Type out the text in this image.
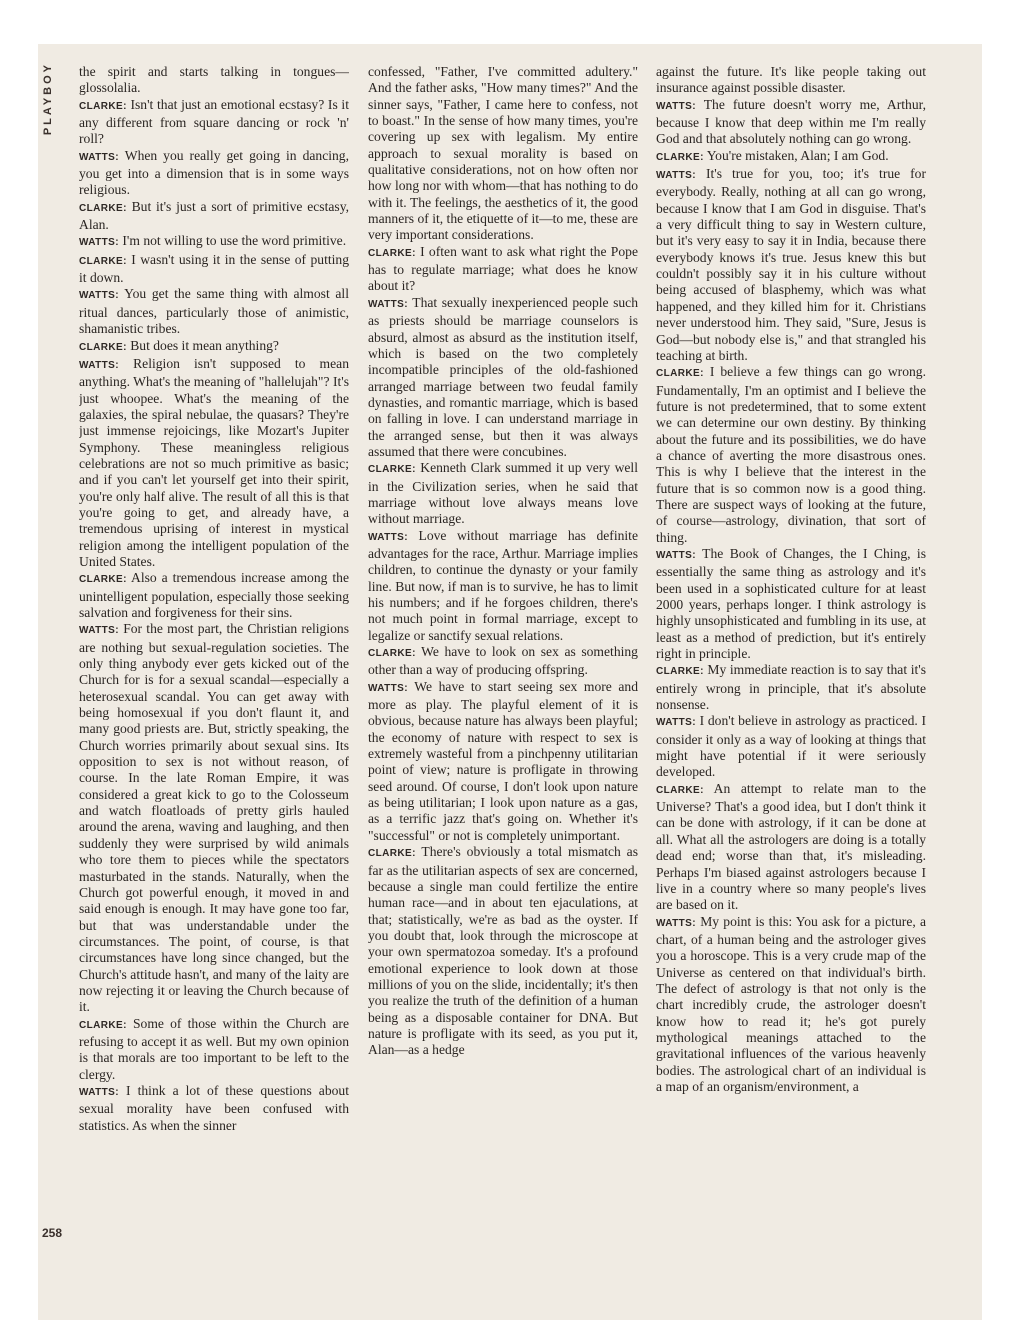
PLAYBOY
258

the spirit and starts talking in tongues—glossolalia.

CLARKE: Isn't that just an emotional ecstasy? Is it any different from square dancing or rock 'n' roll?

WATTS: When you really get going in dancing, you get into a dimension that is in some ways religious.

CLARKE: But it's just a sort of primitive ecstasy, Alan.

WATTS: I'm not willing to use the word primitive.

CLARKE: I wasn't using it in the sense of putting it down.

WATTS: You get the same thing with almost all ritual dances, particularly those of animistic, shamanistic tribes.

CLARKE: But does it mean anything?

WATTS: Religion isn't supposed to mean anything. What's the meaning of "hallelujah"? It's just whoopee. What's the meaning of the galaxies, the spiral nebulae, the quasars? They're just immense rejoicings, like Mozart's Jupiter Symphony. These meaningless religious celebrations are not so much primitive as basic; and if you can't let yourself get into their spirit, you're only half alive. The result of all this is that you're going to get, and already have, a tremendous uprising of interest in mystical religion among the intelligent population of the United States.

CLARKE: Also a tremendous increase among the unintelligent population, especially those seeking salvation and forgiveness for their sins.

WATTS: For the most part, the Christian religions are nothing but sexual-regulation societies. The only thing anybody ever gets kicked out of the Church for is for a sexual scandal—especially a heterosexual scandal. You can get away with being homosexual if you don't flaunt it, and many good priests are. But, strictly speaking, the Church worries primarily about sexual sins. Its opposition to sex is not without reason, of course. In the late Roman Empire, it was considered a great kick to go to the Colosseum and watch floatloads of pretty girls hauled around the arena, waving and laughing, and then suddenly they were surprised by wild animals who tore them to pieces while the spectators masturbated in the stands. Naturally, when the Church got powerful enough, it moved in and said enough is enough. It may have gone too far, but that was understandable under the circumstances. The point, of course, is that circumstances have long since changed, but the Church's attitude hasn't, and many of the laity are now rejecting it or leaving the Church because of it.

CLARKE: Some of those within the Church are refusing to accept it as well. But my own opinion is that morals are too important to be left to the clergy.

WATTS: I think a lot of these questions about sexual morality have been confused with statistics. As when the sinner

confessed, "Father, I've committed adultery." And the father asks, "How many times?" And the sinner says, "Father, I came here to confess, not to boast." In the sense of how many times, you're covering up sex with legalism. My entire approach to sexual morality is based on qualitative considerations, not on how often nor how long nor with whom—that has nothing to do with it. The feelings, the aesthetics of it, the good manners of it, the etiquette of it—to me, these are very important considerations.

CLARKE: I often want to ask what right the Pope has to regulate marriage; what does he know about it?

WATTS: That sexually inexperienced people such as priests should be marriage counselors is absurd, almost as absurd as the institution itself, which is based on the two completely incompatible principles of the old-fashioned arranged marriage between two feudal family dynasties, and romantic marriage, which is based on falling in love. I can understand marriage in the arranged sense, but then it was always assumed that there were concubines.

CLARKE: Kenneth Clark summed it up very well in the Civilization series, when he said that marriage without love always means love without marriage.

WATTS: Love without marriage has definite advantages for the race, Arthur. Marriage implies children, to continue the dynasty or your family line. But now, if man is to survive, he has to limit his numbers; and if he forgoes children, there's not much point in formal marriage, except to legalize or sanctify sexual relations.

CLARKE: We have to look on sex as something other than a way of producing offspring.

WATTS: We have to start seeing sex more and more as play. The playful element of it is obvious, because nature has always been playful; the economy of nature with respect to sex is extremely wasteful from a pinchpenny utilitarian point of view; nature is profligate in throwing seed around. Of course, I don't look upon nature as being utilitarian; I look upon nature as a gas, as a terrific jazz that's going on. Whether it's "successful" or not is completely unimportant.

CLARKE: There's obviously a total mismatch as far as the utilitarian aspects of sex are concerned, because a single man could fertilize the entire human race—and in about ten ejaculations, at that; statistically, we're as bad as the oyster. If you doubt that, look through the microscope at your own spermatozoa someday. It's a profound emotional experience to look down at those millions of you on the slide, incidentally; it's then you realize the truth of the definition of a human being as a disposable container for DNA. But nature is profligate with its seed, as you put it, Alan—as a hedge

against the future. It's like people taking out insurance against possible disaster.

WATTS: The future doesn't worry me, Arthur, because I know that deep within me I'm really God and that absolutely nothing can go wrong.

CLARKE: You're mistaken, Alan; I am God.

WATTS: It's true for you, too; it's true for everybody. Really, nothing at all can go wrong, because I know that I am God in disguise. That's a very difficult thing to say in Western culture, but it's very easy to say it in India, because there everybody knows it's true. Jesus knew this but couldn't possibly say it in his culture without being accused of blasphemy, which was what happened, and they killed him for it. Christians never understood him. They said, "Sure, Jesus is God—but nobody else is," and that strangled his teaching at birth.

CLARKE: I believe a few things can go wrong. Fundamentally, I'm an optimist and I believe the future is not predetermined, that to some extent we can determine our own destiny. By thinking about the future and its possibilities, we do have a chance of averting the more disastrous ones. This is why I believe that the interest in the future that is so common now is a good thing. There are suspect ways of looking at the future, of course—astrology, divination, that sort of thing.

WATTS: The Book of Changes, the I Ching, is essentially the same thing as astrology and it's been used in a sophisticated culture for at least 2000 years, perhaps longer. I think astrology is highly unsophisticated and fumbling in its use, at least as a method of prediction, but it's entirely right in principle.

CLARKE: My immediate reaction is to say that it's entirely wrong in principle, that it's absolute nonsense.

WATTS: I don't believe in astrology as practiced. I consider it only as a way of looking at things that might have potential if it were seriously developed.

CLARKE: An attempt to relate man to the Universe? That's a good idea, but I don't think it can be done with astrology, if it can be done at all. What all the astrologers are doing is a totally dead end; worse than that, it's misleading. Perhaps I'm biased against astrologers because I live in a country where so many people's lives are based on it.

WATTS: My point is this: You ask for a picture, a chart, of a human being and the astrologer gives you a horoscope. This is a very crude map of the Universe as centered on that individual's birth. The defect of astrology is that not only is the chart incredibly crude, the astrologer doesn't know how to read it; he's got purely mythological meanings attached to the gravitational influences of the various heavenly bodies. The astrological chart of an individual is a map of an organism/environment, a
